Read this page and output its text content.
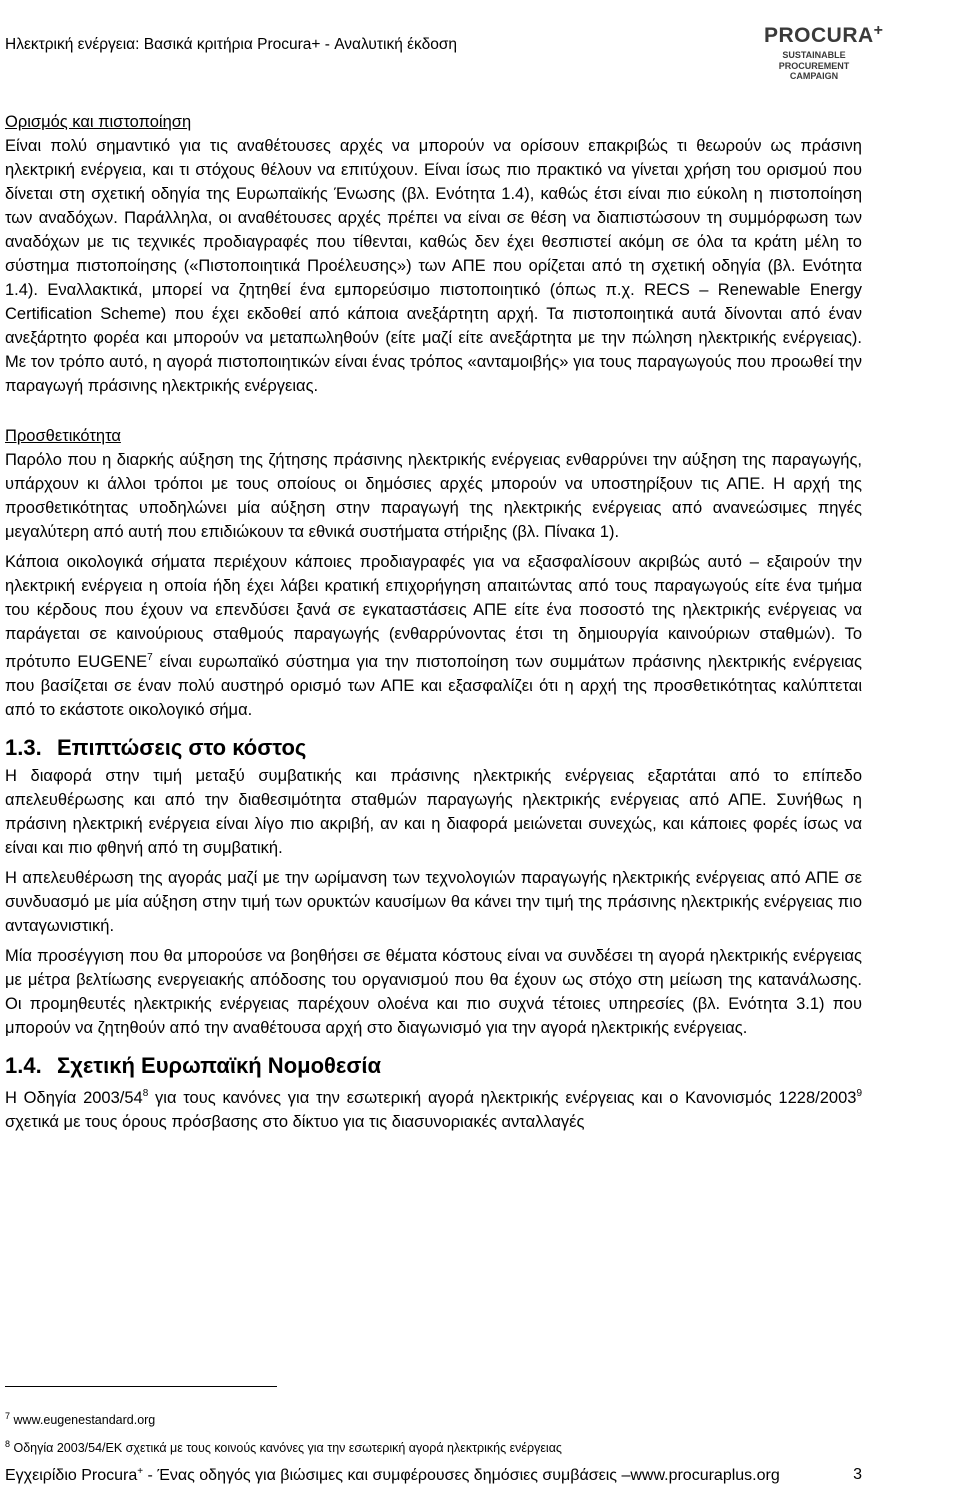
Ηλεκτρική ενέργεια: Βασικά κριτήρια Procura+ - Αναλυτική έκδοση	PROCURA+
SUSTAINABLE
PROCUREMENT
CAMPAIGN
Ορισμός και πιστοποίηση

Είναι πολύ σημαντικό για τις αναθέτουσες αρχές να μπορούν να ορίσουν επακριβώς τι θεωρούν ως πράσινη ηλεκτρική ενέργεια, και τι στόχους θέλουν να επιτύχουν. Είναι ίσως πιο πρακτικό να γίνεται χρήση του ορισμού που δίνεται στη σχετική οδηγία της Ευρωπαϊκής Ένωσης (βλ. Ενότητα 1.4), καθώς έτσι είναι πιο εύκολη η πιστοποίηση των αναδόχων. Παράλληλα, οι αναθέτουσες αρχές πρέπει να είναι σε θέση να διαπιστώσουν τη συμμόρφωση των αναδόχων με τις τεχνικές προδιαγραφές που τίθενται, καθώς δεν έχει θεσπιστεί ακόμη σε όλα τα κράτη μέλη το σύστημα πιστοποίησης («Πιστοποιητικά Προέλευσης») των ΑΠΕ που ορίζεται από τη σχετική οδηγία (βλ. Ενότητα 1.4). Εναλλακτικά, μπορεί να ζητηθεί ένα εμπορεύσιμο πιστοποιητικό (όπως π.χ. RECS – Renewable Energy Certification Scheme) που έχει εκδοθεί από κάποια ανεξάρτητη αρχή. Τα πιστοποιητικά αυτά δίνονται από έναν ανεξάρτητο φορέα και μπορούν να μεταπωληθούν (είτε μαζί είτε ανεξάρτητα με την πώληση ηλεκτρικής ενέργειας). Με τον τρόπο αυτό, η αγορά πιστοποιητικών είναι ένας τρόπος «ανταμοιβής» για τους παραγωγούς που προωθεί την παραγωγή πράσινης ηλεκτρικής ενέργειας.

Προσθετικότητα

Παρόλο που η διαρκής αύξηση της ζήτησης πράσινης ηλεκτρικής ενέργειας ενθαρρύνει την αύξηση της παραγωγής, υπάρχουν κι άλλοι τρόποι με τους οποίους οι δημόσιες αρχές μπορούν να υποστηρίξουν τις ΑΠΕ. Η αρχή της προσθετικότητας υποδηλώνει μία αύξηση στην παραγωγή της ηλεκτρικής ενέργειας από ανανεώσιμες πηγές μεγαλύτερη από αυτή που επιδιώκουν τα εθνικά συστήματα στήριξης (βλ. Πίνακα 1).

Κάποια οικολογικά σήματα περιέχουν κάποιες προδιαγραφές για να εξασφαλίσουν ακριβώς αυτό – εξαιρούν την ηλεκτρική ενέργεια η οποία ήδη έχει λάβει κρατική επιχορήγηση απαιτώντας από τους παραγωγούς είτε ένα τμήμα του κέρδους που έχουν να επενδύσει ξανά σε εγκαταστάσεις ΑΠΕ είτε ένα ποσοστό της ηλεκτρικής ενέργειας να παράγεται σε καινούριους σταθμούς παραγωγής (ενθαρρύνοντας έτσι τη δημιουργία καινούριων σταθμών). Το πρότυπο EUGENE$^7$ είναι ευρωπαϊκό σύστημα για την πιστοποίηση των συμμάτων πράσινης ηλεκτρικής ενέργειας που βασίζεται σε έναν πολύ αυστηρό ορισμό των ΑΠΕ και εξασφαλίζει ότι η αρχή της προσθετικότητας καλύπτεται από το εκάστοτε οικολογικό σήμα.

1.3. Επιπτώσεις στο κόστος

Η διαφορά στην τιμή μεταξύ συμβατικής και πράσινης ηλεκτρικής ενέργειας εξαρτάται από το επίπεδο απελευθέρωσης και από την διαθεσιμότητα σταθμών παραγωγής ηλεκτρικής ενέργειας από ΑΠΕ. Συνήθως η πράσινη ηλεκτρική ενέργεια είναι λίγο πιο ακριβή, αν και η διαφορά μειώνεται συνεχώς, και κάποιες φορές ίσως να είναι και πιο φθηνή από τη συμβατική.

Η απελευθέρωση της αγοράς μαζί με την ωρίμανση των τεχνολογιών παραγωγής ηλεκτρικής ενέργειας από ΑΠΕ σε συνδυασμό με μία αύξηση στην τιμή των ορυκτών καυσίμων θα κάνει την τιμή της πράσινης ηλεκτρικής ενέργειας πιο ανταγωνιστική.

Μία προσέγγιση που θα μπορούσε να βοηθήσει σε θέματα κόστους είναι να συνδέσει τη αγορά ηλεκτρικής ενέργειας με μέτρα βελτίωσης ενεργειακής απόδοσης του οργανισμού που θα έχουν ως στόχο στη μείωση της κατανάλωσης. Οι προμηθευτές ηλεκτρικής ενέργειας παρέχουν ολοένα και πιο συχνά τέτοιες υπηρεσίες (βλ. Ενότητα 3.1) που μπορούν να ζητηθούν από την αναθέτουσα αρχή στο διαγωνισμό για την αγορά ηλεκτρικής ενέργειας.

1.4. Σχετική Ευρωπαϊκή Νομοθεσία

Η Οδηγία 2003/54$^8$ για τους κανόνες για την εσωτερική αγορά ηλεκτρικής ενέργειας και ο Κανονισμός 1228/2003$^9$ σχετικά με τους όρους πρόσβασης στο δίκτυο για τις διασυνοριακές ανταλλαγές

$^7$ www.eugenestandard.org
$^8$ Οδηγία 2003/54/ΕΚ σχετικά με τους κοινούς κανόνες για την εσωτερική αγορά ηλεκτρικής ενέργειας
Εγχειρίδιο Procura+ - Ένας οδηγός για βιώσιμες και συμφέρουσες δημόσιες συμβάσεις –www.procuraplus.org	3
